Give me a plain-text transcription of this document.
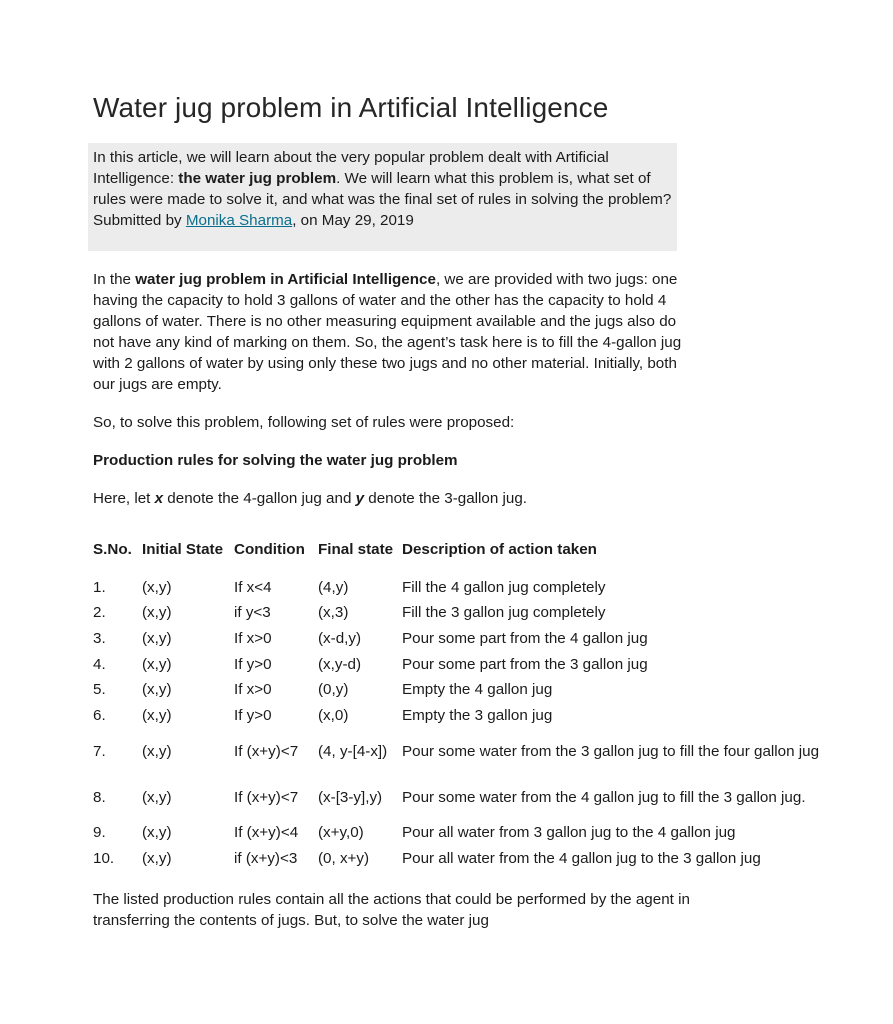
Water jug problem in Artificial Intelligence

In this article, we will learn about the very popular problem dealt with Artificial Intelligence: the water jug problem. We will learn what this problem is, what set of rules were made to solve it, and what was the final set of rules in solving the problem?

Submitted by Monika Sharma, on May 29, 2019

In the water jug problem in Artificial Intelligence, we are provided with two jugs: one having the capacity to hold 3 gallons of water and the other has the capacity to hold 4 gallons of water. There is no other measuring equipment available and the jugs also do not have any kind of marking on them. So, the agent’s task here is to fill the 4-gallon jug with 2 gallons of water by using only these two jugs and no other material. Initially, both our jugs are empty.

So, to solve this problem, following set of rules were proposed:

Production rules for solving the water jug problem

Here, let x denote the 4-gallon jug and y denote the 3-gallon jug.

S.No.	Initial State	Condition	Final state	Description of action taken
1.	(x,y)	If x<4	(4,y)	Fill the 4 gallon jug completely
2.	(x,y)	if y<3	(x,3)	Fill the 3 gallon jug completely
3.	(x,y)	If x>0	(x-d,y)	Pour some part from the 4 gallon jug
4.	(x,y)	If y>0	(x,y-d)	Pour some part from the 3 gallon jug
5.	(x,y)	If x>0	(0,y)	Empty the 4 gallon jug
6.	(x,y)	If y>0	(x,0)	Empty the 3 gallon jug
7.	(x,y)	If (x+y)<7	(4, y-[4-x])	Pour some water from the 3 gallon jug to fill the four gallon jug
8.	(x,y)	If (x+y)<7	(x-[3-y],y)	Pour some water from the 4 gallon jug to fill the 3 gallon jug.
9.	(x,y)	If (x+y)<4	(x+y,0)	Pour all water from 3 gallon jug to the 4 gallon jug
10.	(x,y)	if (x+y)<3	(0, x+y)	Pour all water from the 4 gallon jug to the 3 gallon jug

The listed production rules contain all the actions that could be performed by the agent in transferring the contents of jugs. But, to solve the water jug
